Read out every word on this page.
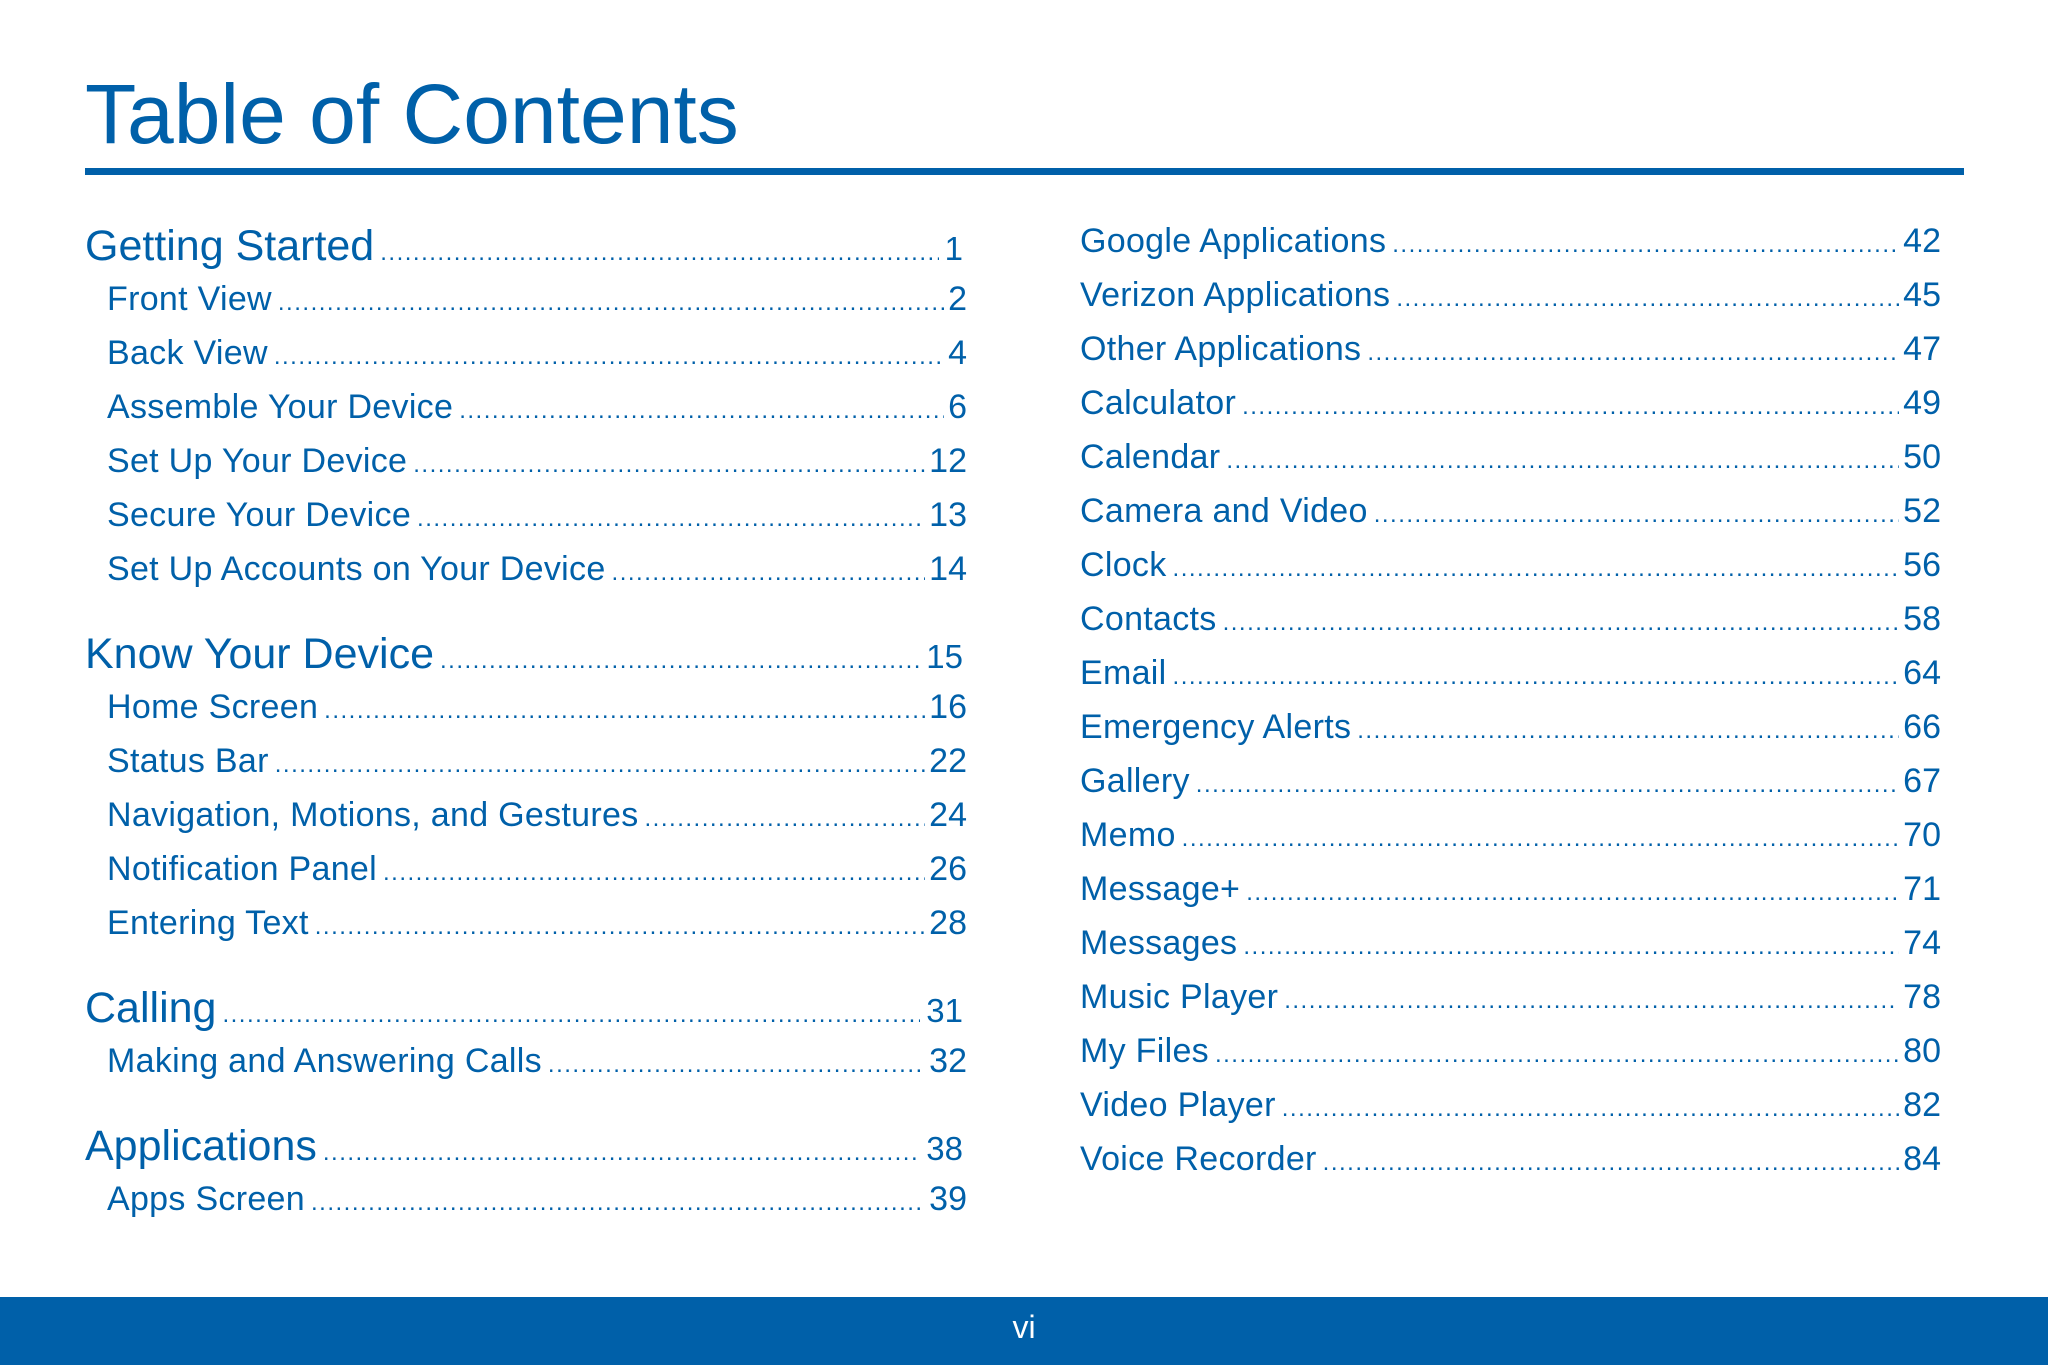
Table of Contents
Getting Started .....	1
Front View .....	2
Back View .....	4
Assemble Your Device .....	6
Set Up Your Device .....	12
Secure Your Device .....	13
Set Up Accounts on Your Device .....	14
Know Your Device .....	15
Home Screen .....	16
Status Bar .....	22
Navigation, Motions, and Gestures .....	24
Notification Panel .....	26
Entering Text .....	28
Calling .....	31
Making and Answering Calls .....	32
Applications .....	38
Apps Screen .....	39
Google Applications .....	42
Verizon Applications .....	45
Other Applications .....	47
Calculator .....	49
Calendar .....	50
Camera and Video .....	52
Clock .....	56
Contacts .....	58
Email .....	64
Emergency Alerts .....	66
Gallery .....	67
Memo .....	70
Message+ .....	71
Messages .....	74
Music Player .....	78
My Files .....	80
Video Player .....	82
Voice Recorder .....	84
vi
